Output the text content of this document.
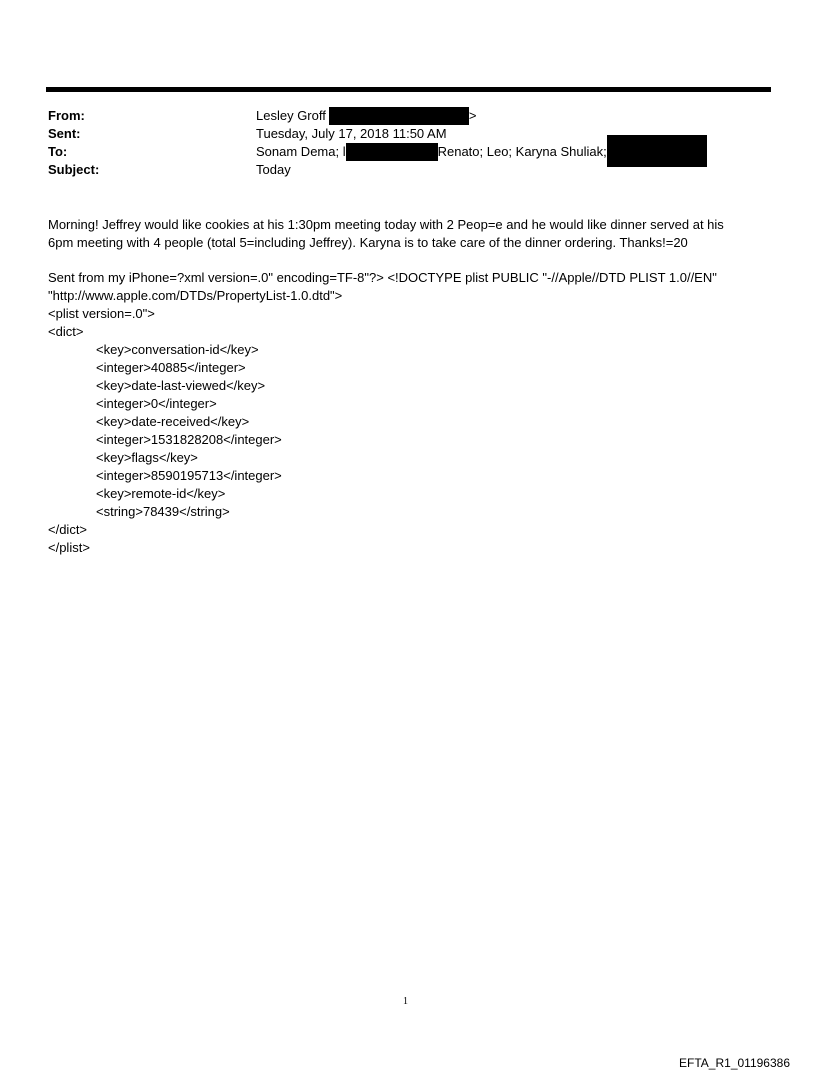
From:	Lesley Groff	>
Sent:	Tuesday, July 17, 2018 11:50 AM
To:	Sonam Dema; l	Renato; Leo; Karyna Shuliak;
Subject:	Today
Morning! Jeffrey would like cookies at his 1:30pm meeting today with 2 Peop=e and he would like dinner served at his
6pm meeting with 4 people (total 5=including Jeffrey). Karyna is to take care of the dinner ordering. Thanks!=20
Sent from my iPhone=?xml version=.0" encoding=TF-8"?> <!DOCTYPE plist PUBLIC "-//Apple//DTD PLIST 1.0//EN"
"http://www.apple.com/DTDs/PropertyList-1.0.dtd">
<plist version=.0">
<dict>
<key>conversation-id</key>
<integer>40885</integer>
<key>date-last-viewed</key>
<integer>0</integer>
<key>date-received</key>
<integer>1531828208</integer>
<key>flags</key>
<integer>8590195713</integer>
<key>remote-id</key>
<string>78439</string>
</dict>
</plist>
1
EFTA_R1_01196386
